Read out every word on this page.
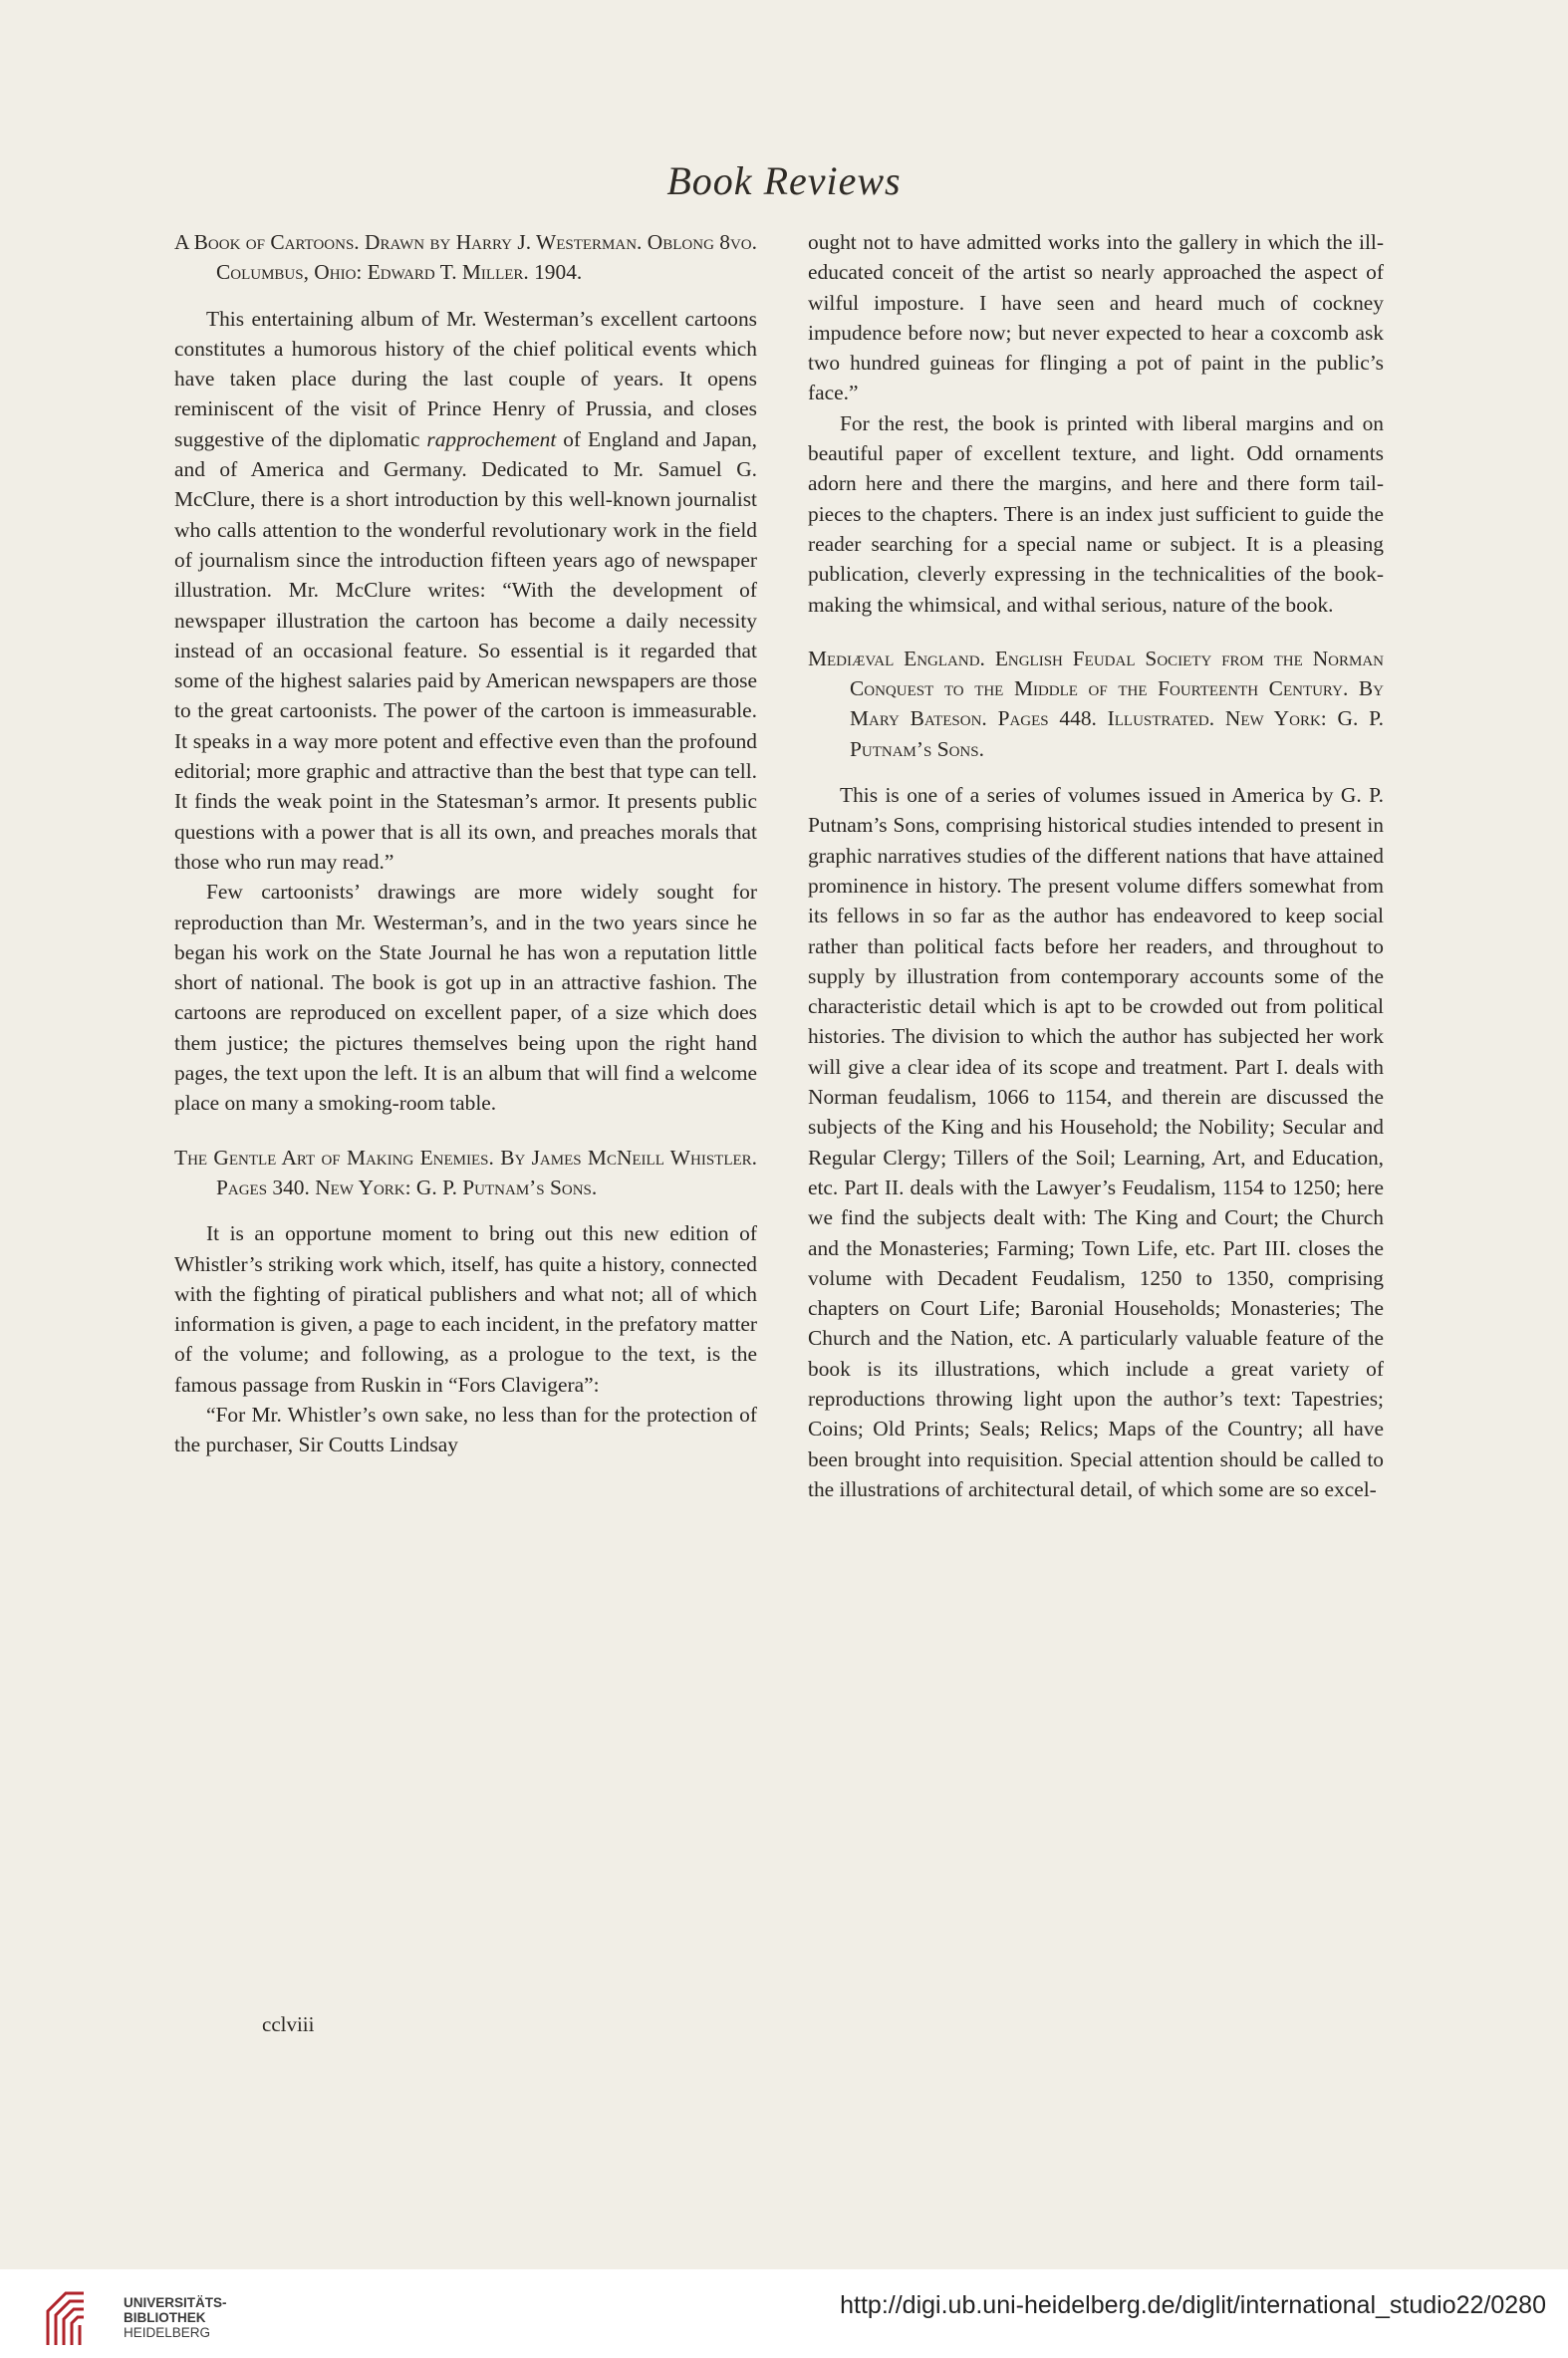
Book Reviews

A Book of Cartoons. Drawn by Harry J. Westerman. Oblong 8vo. Columbus, Ohio: Edward T. Miller. 1904.

This entertaining album of Mr. Westerman’s excellent cartoons constitutes a humorous history of the chief political events which have taken place during the last couple of years. It opens reminiscent of the visit of Prince Henry of Prussia, and closes suggestive of the diplomatic rapprochement of England and Japan, and of America and Germany. Dedicated to Mr. Samuel G. McClure, there is a short introduction by this well-known journalist who calls attention to the wonderful revolutionary work in the field of journalism since the introduction fifteen years ago of newspaper illustration. Mr. McClure writes: “With the development of newspaper illustration the cartoon has become a daily necessity instead of an occasional feature. So essential is it regarded that some of the highest salaries paid by American newspapers are those to the great cartoonists. The power of the cartoon is immeasurable. It speaks in a way more potent and effective even than the profound editorial; more graphic and attractive than the best that type can tell. It finds the weak point in the Statesman’s armor. It presents public questions with a power that is all its own, and preaches morals that those who run may read.”

Few cartoonists’ drawings are more widely sought for reproduction than Mr. Westerman’s, and in the two years since he began his work on the State Journal he has won a reputation little short of national. The book is got up in an attractive fashion. The cartoons are reproduced on excellent paper, of a size which does them justice; the pictures themselves being upon the right hand pages, the text upon the left. It is an album that will find a welcome place on many a smoking-room table.

The Gentle Art of Making Enemies. By James McNeill Whistler. Pages 340. New York: G. P. Putnam’s Sons.

It is an opportune moment to bring out this new edition of Whistler’s striking work which, itself, has quite a history, connected with the fighting of piratical publishers and what not; all of which information is given, a page to each incident, in the prefatory matter of the volume; and following, as a prologue to the text, is the famous passage from Ruskin in “Fors Clavigera”:

“For Mr. Whistler’s own sake, no less than for the protection of the purchaser, Sir Coutts Lindsay

cclviii

ought not to have admitted works into the gallery in which the ill-educated conceit of the artist so nearly approached the aspect of wilful imposture. I have seen and heard much of cockney impudence before now; but never expected to hear a coxcomb ask two hundred guineas for flinging a pot of paint in the public’s face.”

For the rest, the book is printed with liberal margins and on beautiful paper of excellent texture, and light. Odd ornaments adorn here and there the margins, and here and there form tail-pieces to the chapters. There is an index just sufficient to guide the reader searching for a special name or subject. It is a pleasing publication, cleverly expressing in the technicalities of the book-making the whimsical, and withal serious, nature of the book.

Mediæval England. English Feudal Society from the Norman Conquest to the Middle of the Fourteenth Century. By Mary Bateson. Pages 448. Illustrated. New York: G. P. Putnam’s Sons.

This is one of a series of volumes issued in America by G. P. Putnam’s Sons, comprising historical studies intended to present in graphic narratives studies of the different nations that have attained prominence in history. The present volume differs somewhat from its fellows in so far as the author has endeavored to keep social rather than political facts before her readers, and throughout to supply by illustration from contemporary accounts some of the characteristic detail which is apt to be crowded out from political histories. The division to which the author has subjected her work will give a clear idea of its scope and treatment. Part I. deals with Norman feudalism, 1066 to 1154, and therein are discussed the subjects of the King and his Household; the Nobility; Secular and Regular Clergy; Tillers of the Soil; Learning, Art, and Education, etc. Part II. deals with the Lawyer’s Feudalism, 1154 to 1250; here we find the subjects dealt with: The King and Court; the Church and the Monasteries; Farming; Town Life, etc. Part III. closes the volume with Decadent Feudalism, 1250 to 1350, comprising chapters on Court Life; Baronial Households; Monasteries; The Church and the Nation, etc. A particularly valuable feature of the book is its illustrations, which include a great variety of reproductions throwing light upon the author’s text: Tapestries; Coins; Old Prints; Seals; Relics; Maps of the Country; all have been brought into requisition. Special attention should be called to the illustrations of architectural detail, of which some are so excel-

UNIVERSITÄTS-
BIBLIOTHEK
HEIDELBERG
http://digi.ub.uni-heidelberg.de/diglit/international_studio22/0280
